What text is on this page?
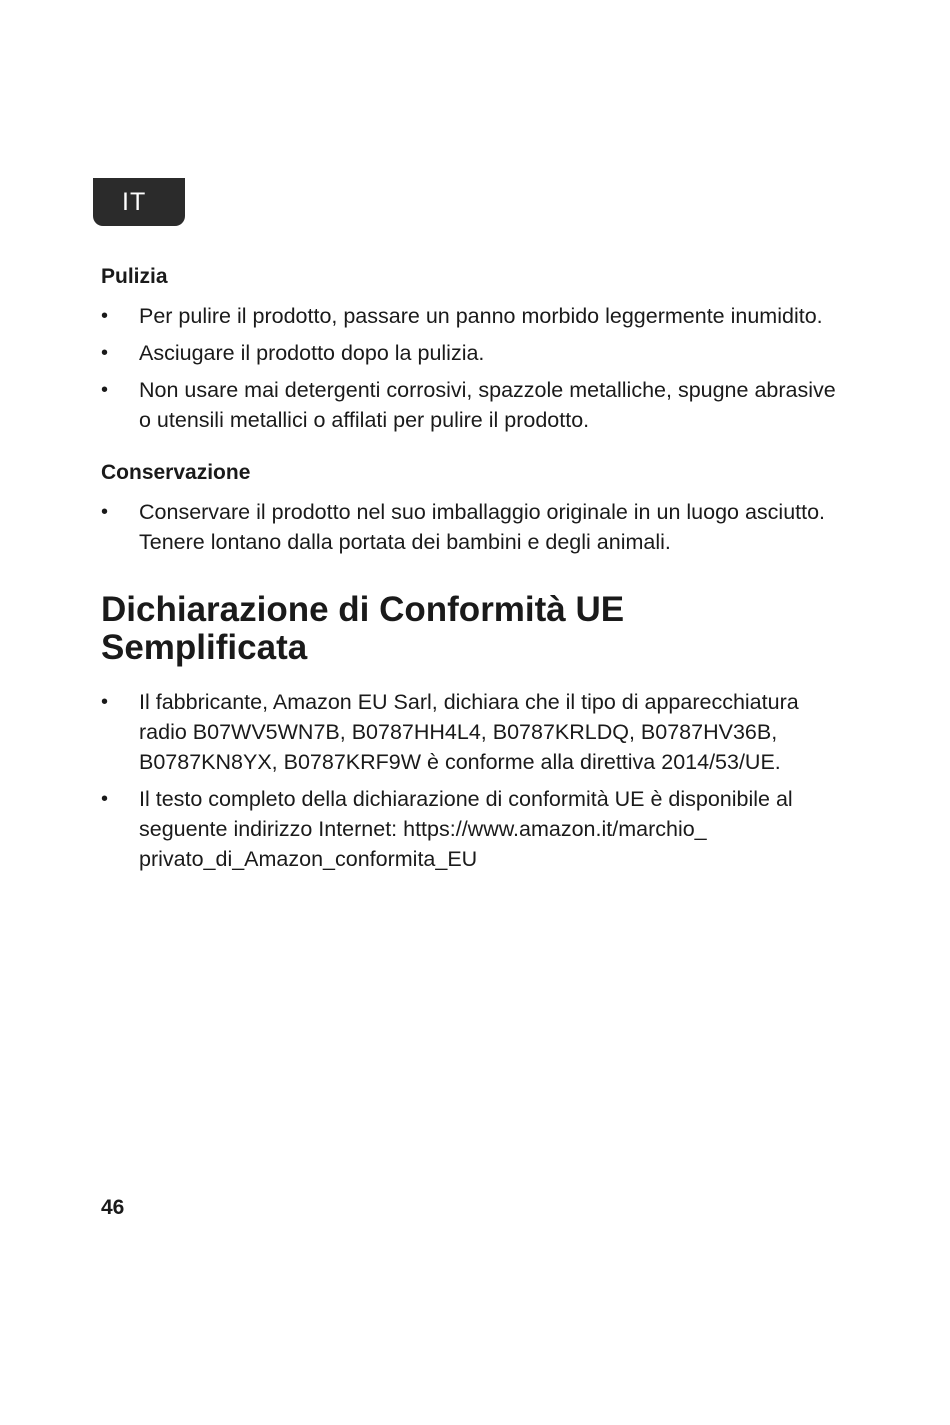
IT
Pulizia
• Per pulire il prodotto, passare un panno morbido leggermente inumidito.
• Asciugare il prodotto dopo la pulizia.
• Non usare mai detergenti corrosivi, spazzole metalliche, spugne abrasive o utensili metallici o affilati per pulire il prodotto.
Conservazione
• Conservare il prodotto nel suo imballaggio originale in un luogo asciutto. Tenere lontano dalla portata dei bambini e degli animali.
Dichiarazione di Conformità UE
Semplificata
• Il fabbricante, Amazon EU Sarl, dichiara che il tipo di apparecchiatura radio B07WV5WN7B, B0787HH4L4, B0787KRLDQ, B0787HV36B, B0787KN8YX, B0787KRF9W è conforme alla direttiva 2014/53/UE.
• Il testo completo della dichiarazione di conformità UE è disponibile al seguente indirizzo Internet: https://www.amazon.it/marchio_ privato_di_Amazon_conformita_EU
46
